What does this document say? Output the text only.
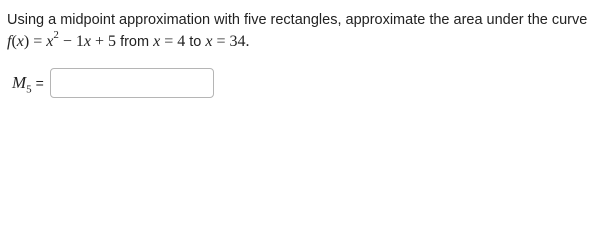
Using a midpoint approximation with five rectangles, approximate the area under the curve
$f(x) = x^2 - 1x + 5$ from x = 4 to x = 34.
$M_5$ =
